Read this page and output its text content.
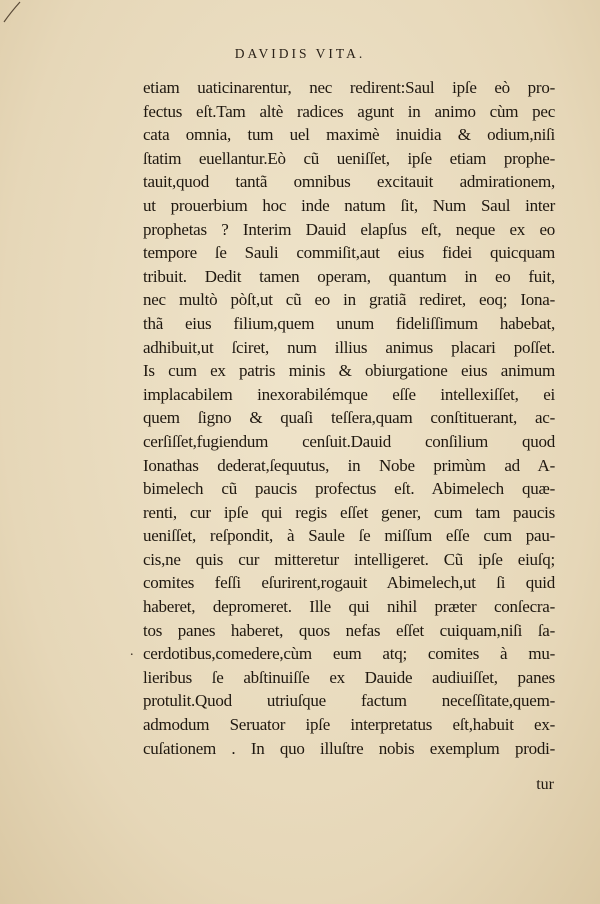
DAVIDIS VITA.
.
etiam uaticinarentur, nec redirent:Saul ipſe eò pro-
fectus eſt.Tam altè radices agunt in animo cùm pec
cata omnia, tum uel maximè inuidia & odium,niſi
ſtatim euellantur.Eò cũ ueniſſet, ipſe etiam prophe-
tauit,quod tantã omnibus excitauit admirationem,
ut prouerbium hoc inde natum ſit, Num Saul inter
prophetas ? Interim Dauid elapſus eſt, neque ex eo
tempore ſe Sauli commiſit,aut eius fidei quicquam
tribuit. Dedit tamen operam, quantum in eo fuit,
nec multò pòſt,ut cũ eo in gratiã rediret, eoq; Iona-
thã eius filium,quem unum fideliſſimum habebat,
adhibuit,ut ſciret, num illius animus placari poſſet.
Is cum ex patris minis & obiurgatione eius animum
implacabilem inexorabilémque eſſe intellexiſſet, ei
quem ſigno & quaſi teſſera,quam conſtituerant, ac-
cerſiſſet,fugiendum cenſuit.Dauid conſilium quod
Ionathas dederat,ſequutus, in Nobe primùm ad A-
bimelech cũ paucis profectus eſt. Abimelech quæ-
renti, cur ipſe qui regis eſſet gener, cum tam paucis
ueniſſet, reſpondit, à Saule ſe miſſum eſſe cum pau-
cis,ne quis cur mitteretur intelligeret. Cũ ipſe eiuſq;
comites feſſi eſurirent,rogauit Abimelech,ut ſi quid
haberet, depromeret. Ille qui nihil præter conſecra-
tos panes haberet, quos nefas eſſet cuiquam,niſi ſa-
cerdotibus,comedere,cùm eum atq; comites à mu-
lieribus ſe abſtinuiſſe ex Dauide audiuiſſet, panes
protulit.Quod utriuſque factum neceſſitate,quem-
admodum Seruator ipſe interpretatus eſt,habuit ex-
cuſationem . In quo illuſtre nobis exemplum prodi-
tur
